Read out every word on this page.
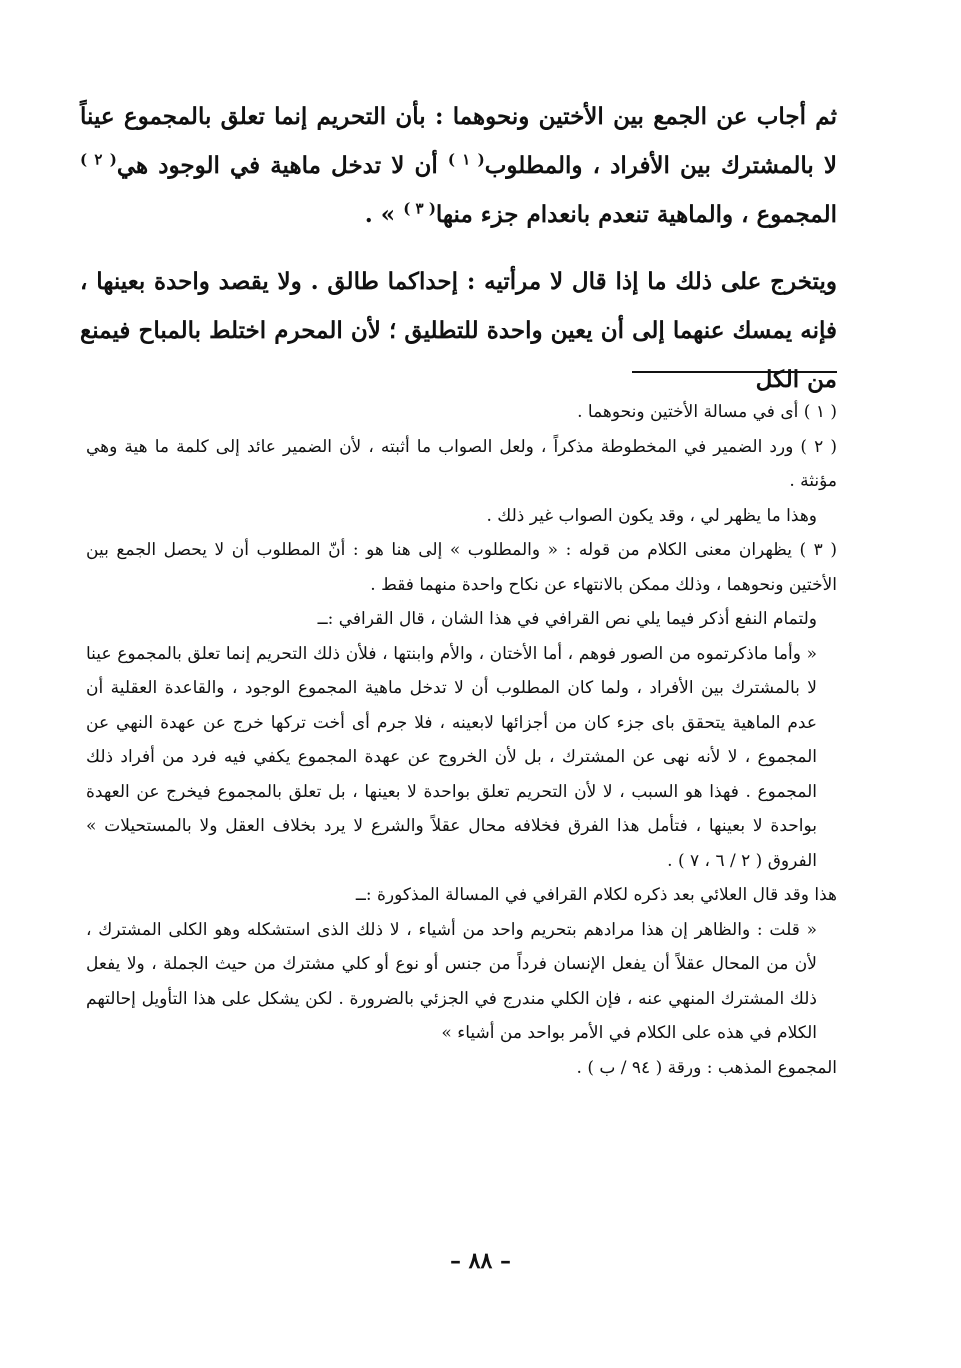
ثم أجاب عن الجمع بين الأختين ونحوهما : بأن التحريم إنما تعلق بالمجموع عيناً لا بالمشترك بين الأفراد ، والمطلوب$^{( ١ )}$ أن لا تدخل ماهية في الوجود هي$^{( ٢ )}$ المجموع ، والماهية تنعدم بانعدام جزء منها$^{( ٣ )}$ » .

ويتخرج على ذلك ما إذا قال لا مرأتيه : إحداكما طالق . ولا يقصد واحدة بعينها ، فإنه يمسك عنهما إلى أن يعين واحدة للتطليق ؛ لأن المحرم اختلط بالمباح فيمنع من الكل

( ١ ) أى في مسالة الأختين ونحوهما .

( ٢ ) ورد الضمير في المخطوطة مذكراً ، ولعل الصواب ما أثبته ، لأن الضمير عائد إلى كلمة ما هية وهي مؤنثة .

وهذا ما يظهر لي ، وقد يكون الصواب غير ذلك .

( ٣ ) يظهران معنى الكلام من قوله : « والمطلوب » إلى هنا هو : أنّ المطلوب أن لا يحصل الجمع بين الأختين ونحوهما ، وذلك ممكن بالانتهاء عن نكاح واحدة منهما فقط .

ولتمام النفع أذكر فيما يلي نص القرافي في هذا الشان ، قال القرافي :ــ

« وأما ماذكرتموه من الصور فوهم ، أما الأختان ، والأم وابنتها ، فلأن ذلك التحريم إنما تعلق بالمجموع عينا لا بالمشترك بين الأفراد ، ولما كان المطلوب أن لا تدخل ماهية المجموع الوجود ، والقاعدة العقلية أن عدم الماهية يتحقق باى جزء كان من أجزائها لابعينه ، فلا جرم أى أخت تركها خرج عن عهدة النهي عن المجموع ، لا لأنه نهى عن المشترك ، بل لأن الخروج عن عهدة المجموع يكفي فيه فرد من أفراد ذلك المجموع . فهذا هو السبب ، لا لأن التحريم تعلق بواحدة لا بعينها ، بل تعلق بالمجموع فيخرج عن العهدة بواحدة لا بعينها ، فتأمل هذا الفرق فخلافه محال عقلاً والشرع لا يرد بخلاف العقل ولا بالمستحيلات » الفروق ( ٢ / ٦ ، ٧ ) .

هذا وقد قال العلائي بعد ذكره لكلام القرافي في المسالة المذكورة :ــ

« قلت : والظاهر إن هذا مرادهم بتحريم واحد من أشياء ، لا ذلك الذى استشكله وهو الكلى المشترك ، لأن من المحال عقلاً أن يفعل الإنسان فرداً من جنس أو نوع أو كلي مشترك من حيث الجملة ، ولا يفعل ذلك المشترك المنهي عنه ، فإن الكلي مندرج في الجزئي بالضرورة . لكن يشكل على هذا التأويل إحالتهم الكلام في هذه على الكلام في الأمر بواحد من أشياء »

المجموع المذهب : ورقة ( ٩٤ / ب ) .

– ٨٨ –
